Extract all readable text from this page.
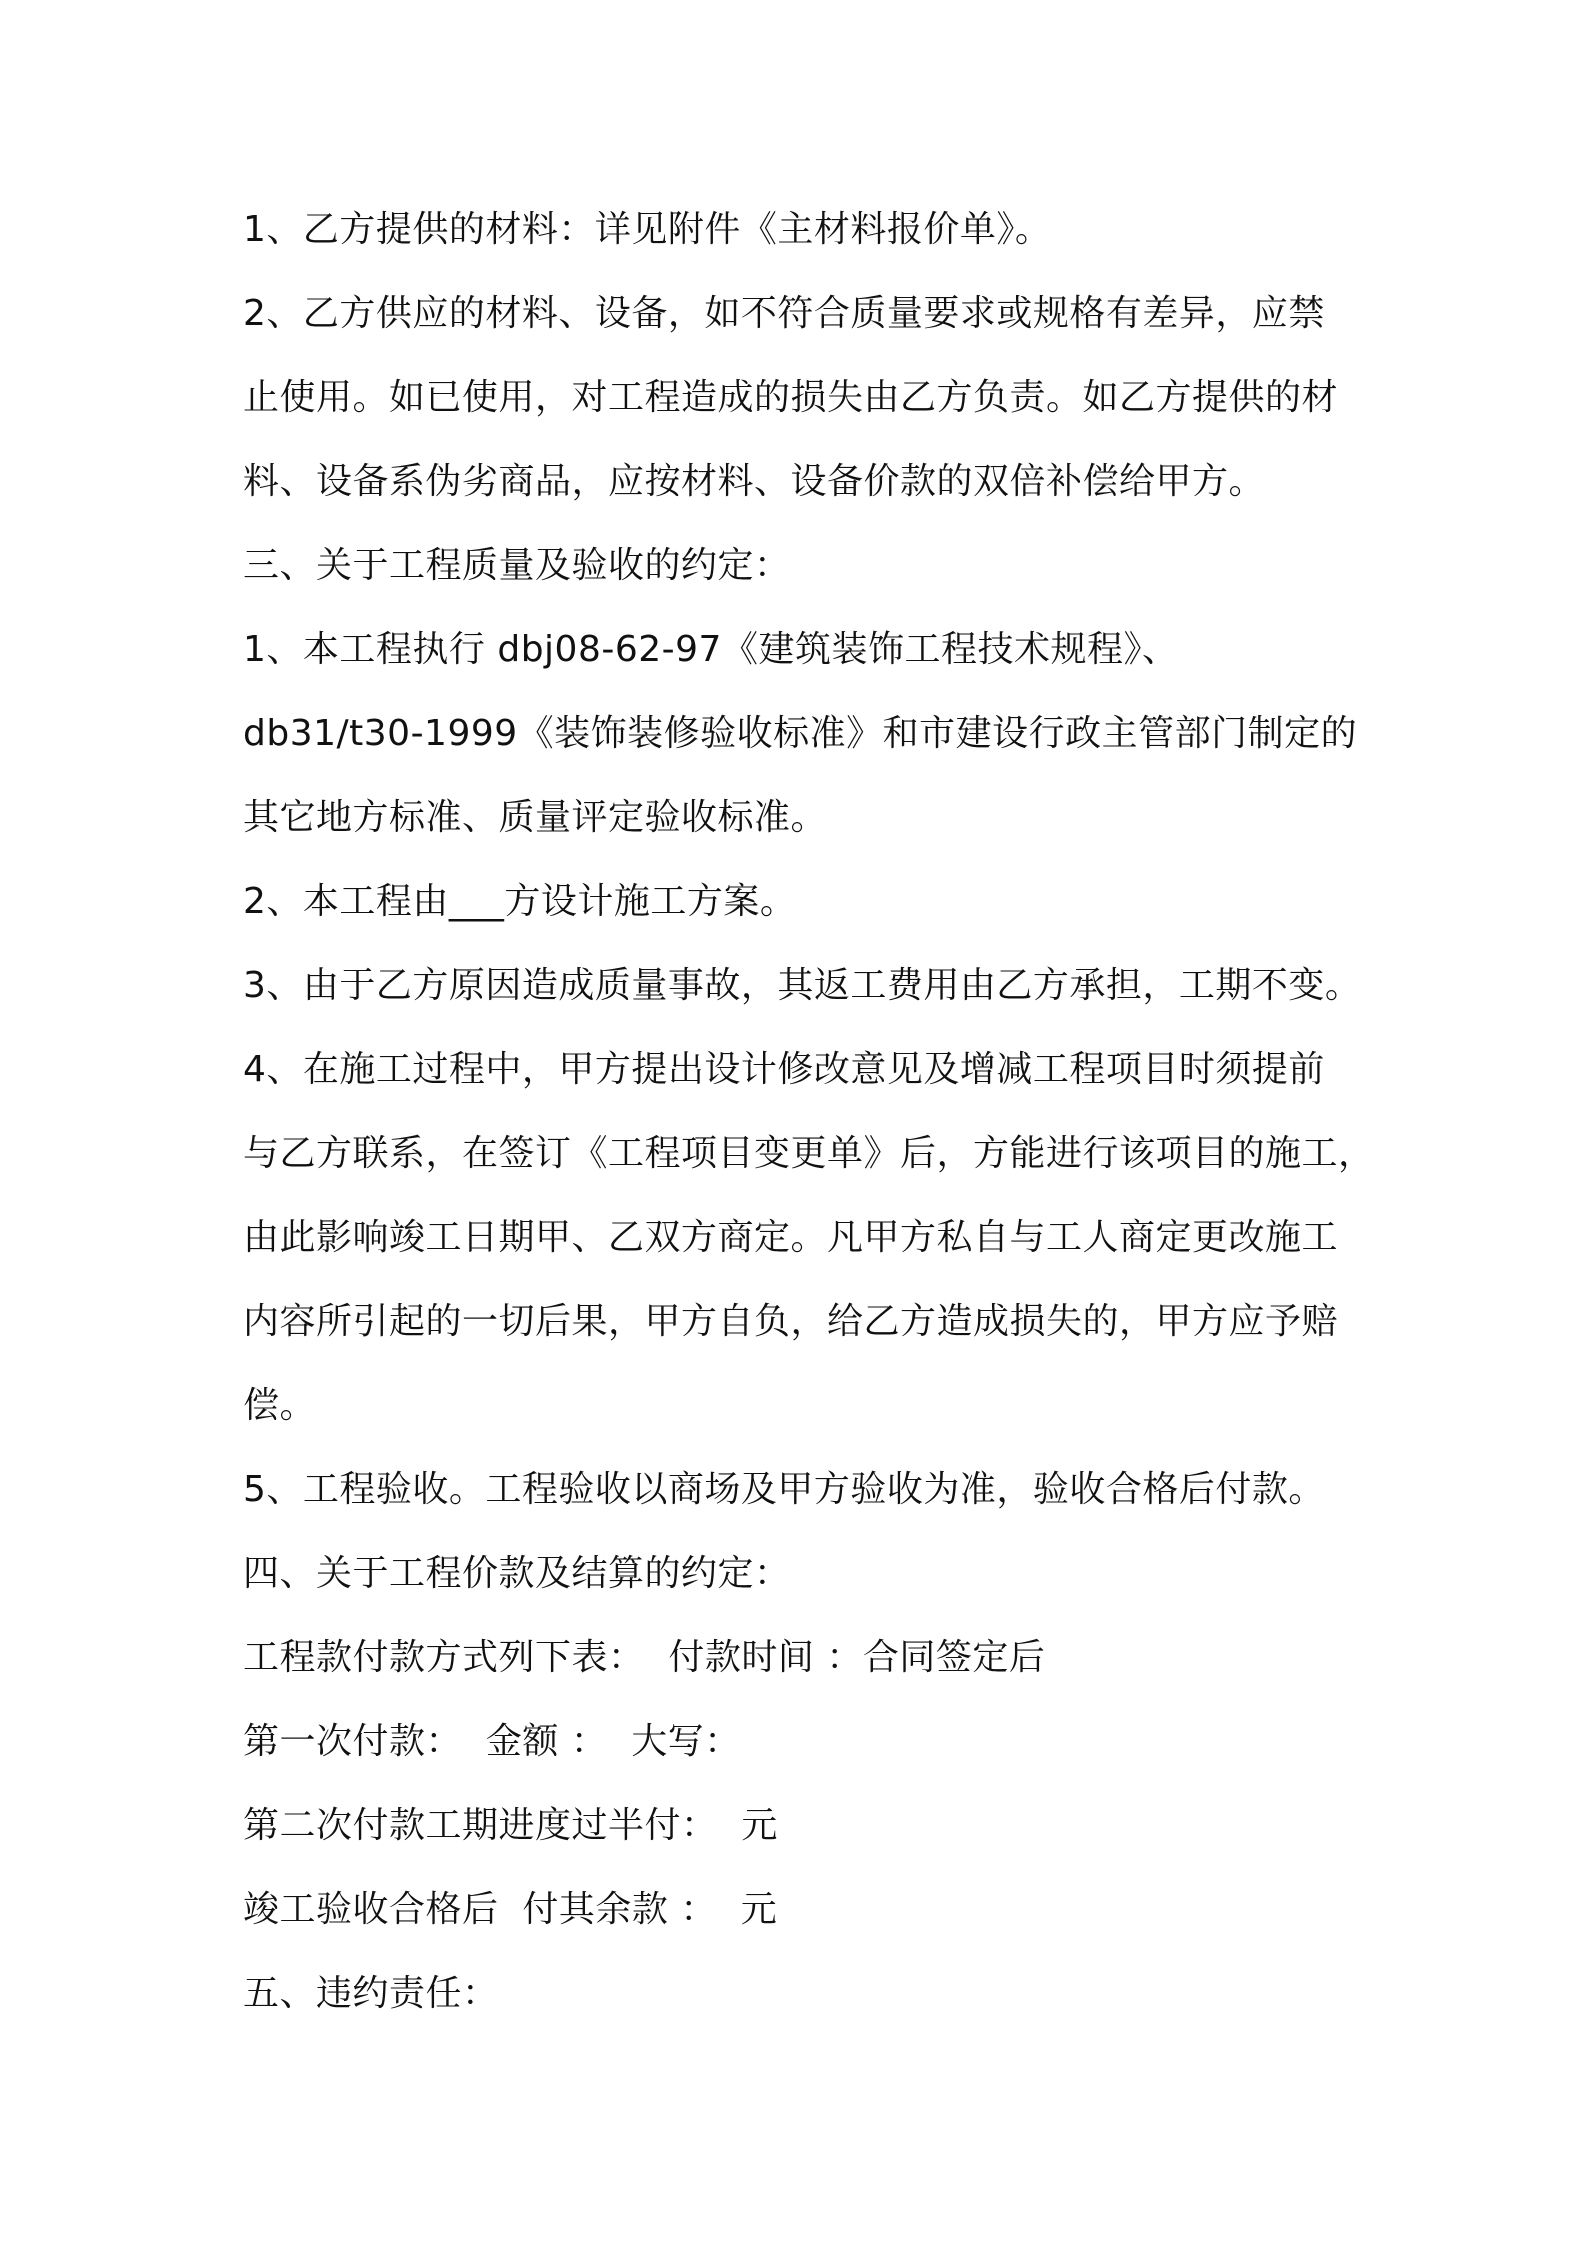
1、乙方提供的材料：详见附件《主材料报价单》。
2、乙方供应的材料、设备，如不符合质量要求或规格有差异，应禁
止使用。如已使用，对工程造成的损失由乙方负责。如乙方提供的材
料、设备系伪劣商品，应按材料、设备价款的双倍补偿给甲方。
三、关于工程质量及验收的约定：
1、本工程执行 dbj08-62-97《建筑装饰工程技术规程》、
db31/t30-1999《装饰装修验收标准》和市建设行政主管部门制定的
其它地方标准、质量评定验收标准。
2、本工程由___方设计施工方案。
3、由于乙方原因造成质量事故，其返工费用由乙方承担，工期不变。
4、在施工过程中，甲方提出设计修改意见及增减工程项目时须提前
与乙方联系，在签订《工程项目变更单》后，方能进行该项目的施工，
由此影响竣工日期甲、乙双方商定。凡甲方私自与工人商定更改施工
内容所引起的一切后果，甲方自负，给乙方造成损失的，甲方应予赔
偿。
5、工程验收。工程验收以商场及甲方验收为准，验收合格后付款。
四、关于工程价款及结算的约定：
工程款付款方式列下表：  付款时间 ：合同签定后
第一次付款：  金额 ：  大写：
第二次付款工期进度过半付：  元
竣工验收合格后  付其余款 ：  元
五、违约责任：
